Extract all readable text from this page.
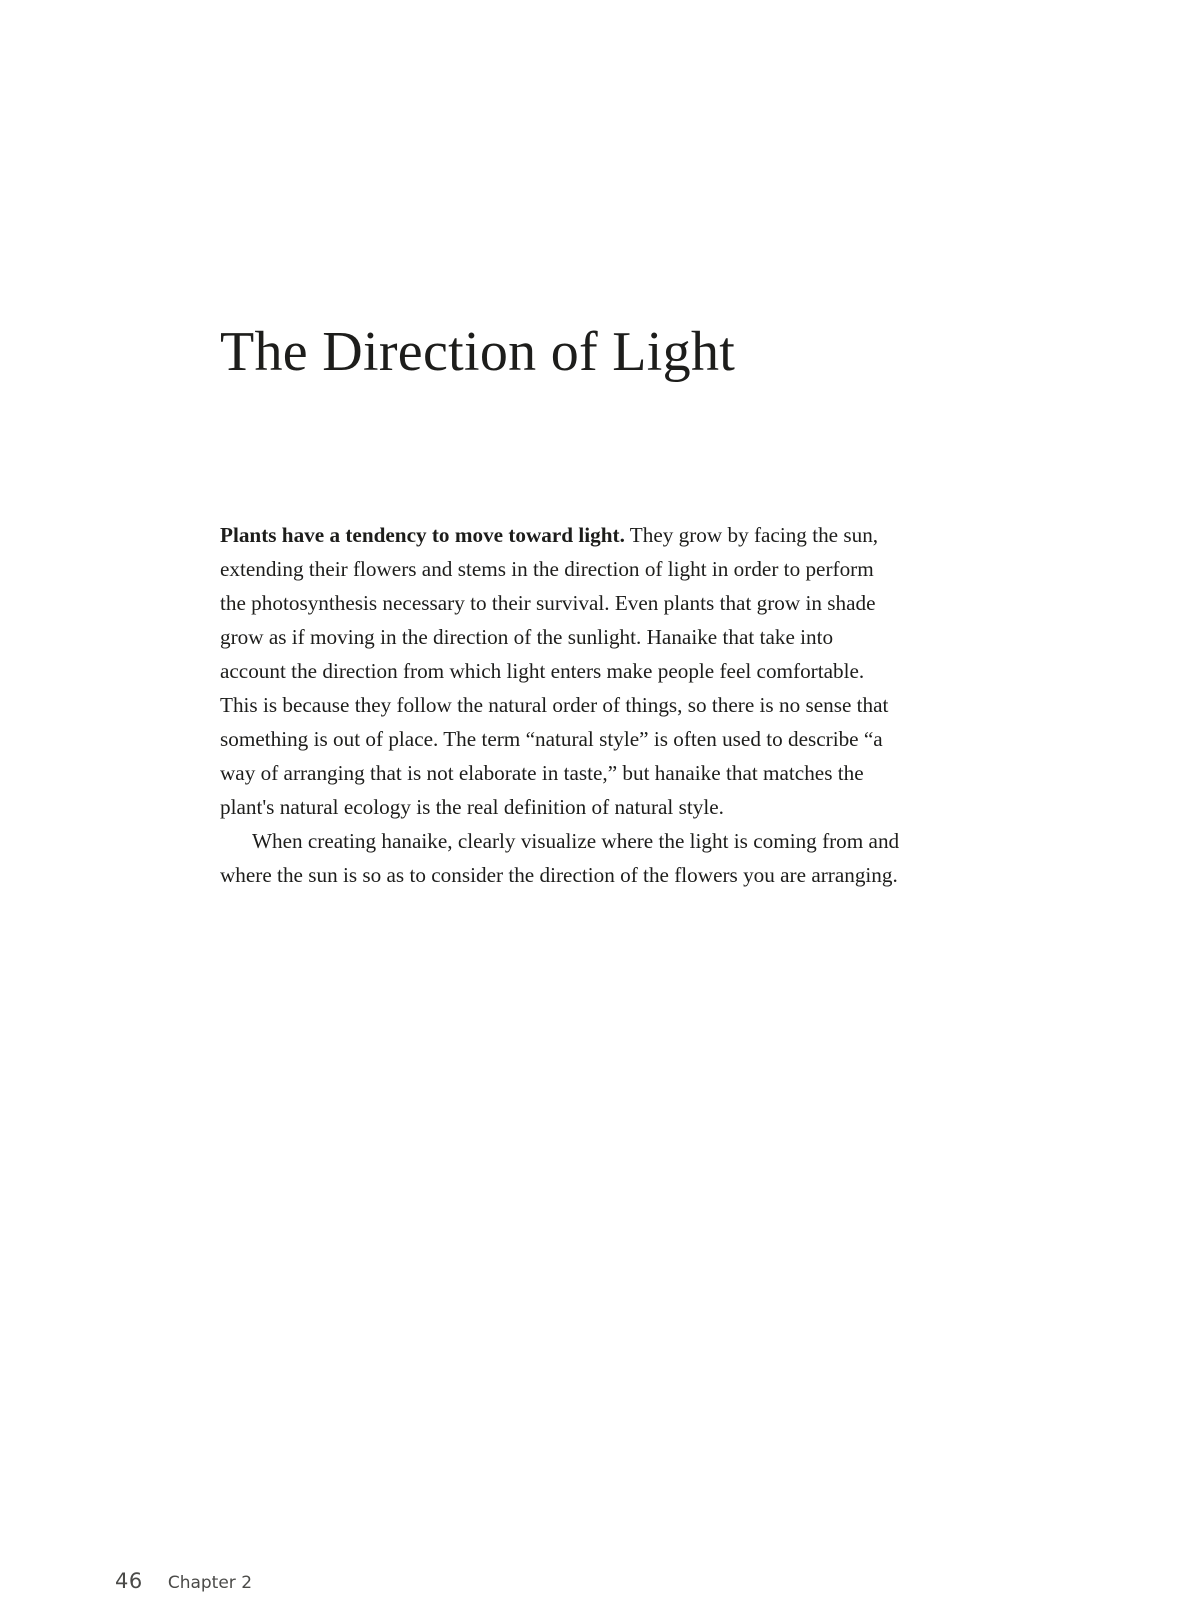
The Direction of Light

Plants have a tendency to move toward light. They grow by facing the sun,
extending their flowers and stems in the direction of light in order to perform
the photosynthesis necessary to their survival. Even plants that grow in shade
grow as if moving in the direction of the sunlight. Hanaike that take into
account the direction from which light enters make people feel comfortable.
This is because they follow the natural order of things, so there is no sense that
something is out of place. The term “natural style” is often used to describe “a
way of arranging that is not elaborate in taste,” but hanaike that matches the
plant's natural ecology is the real definition of natural style.

When creating hanaike, clearly visualize where the light is coming from and
where the sun is so as to consider the direction of the flowers you are arranging.

46 Chapter 2
